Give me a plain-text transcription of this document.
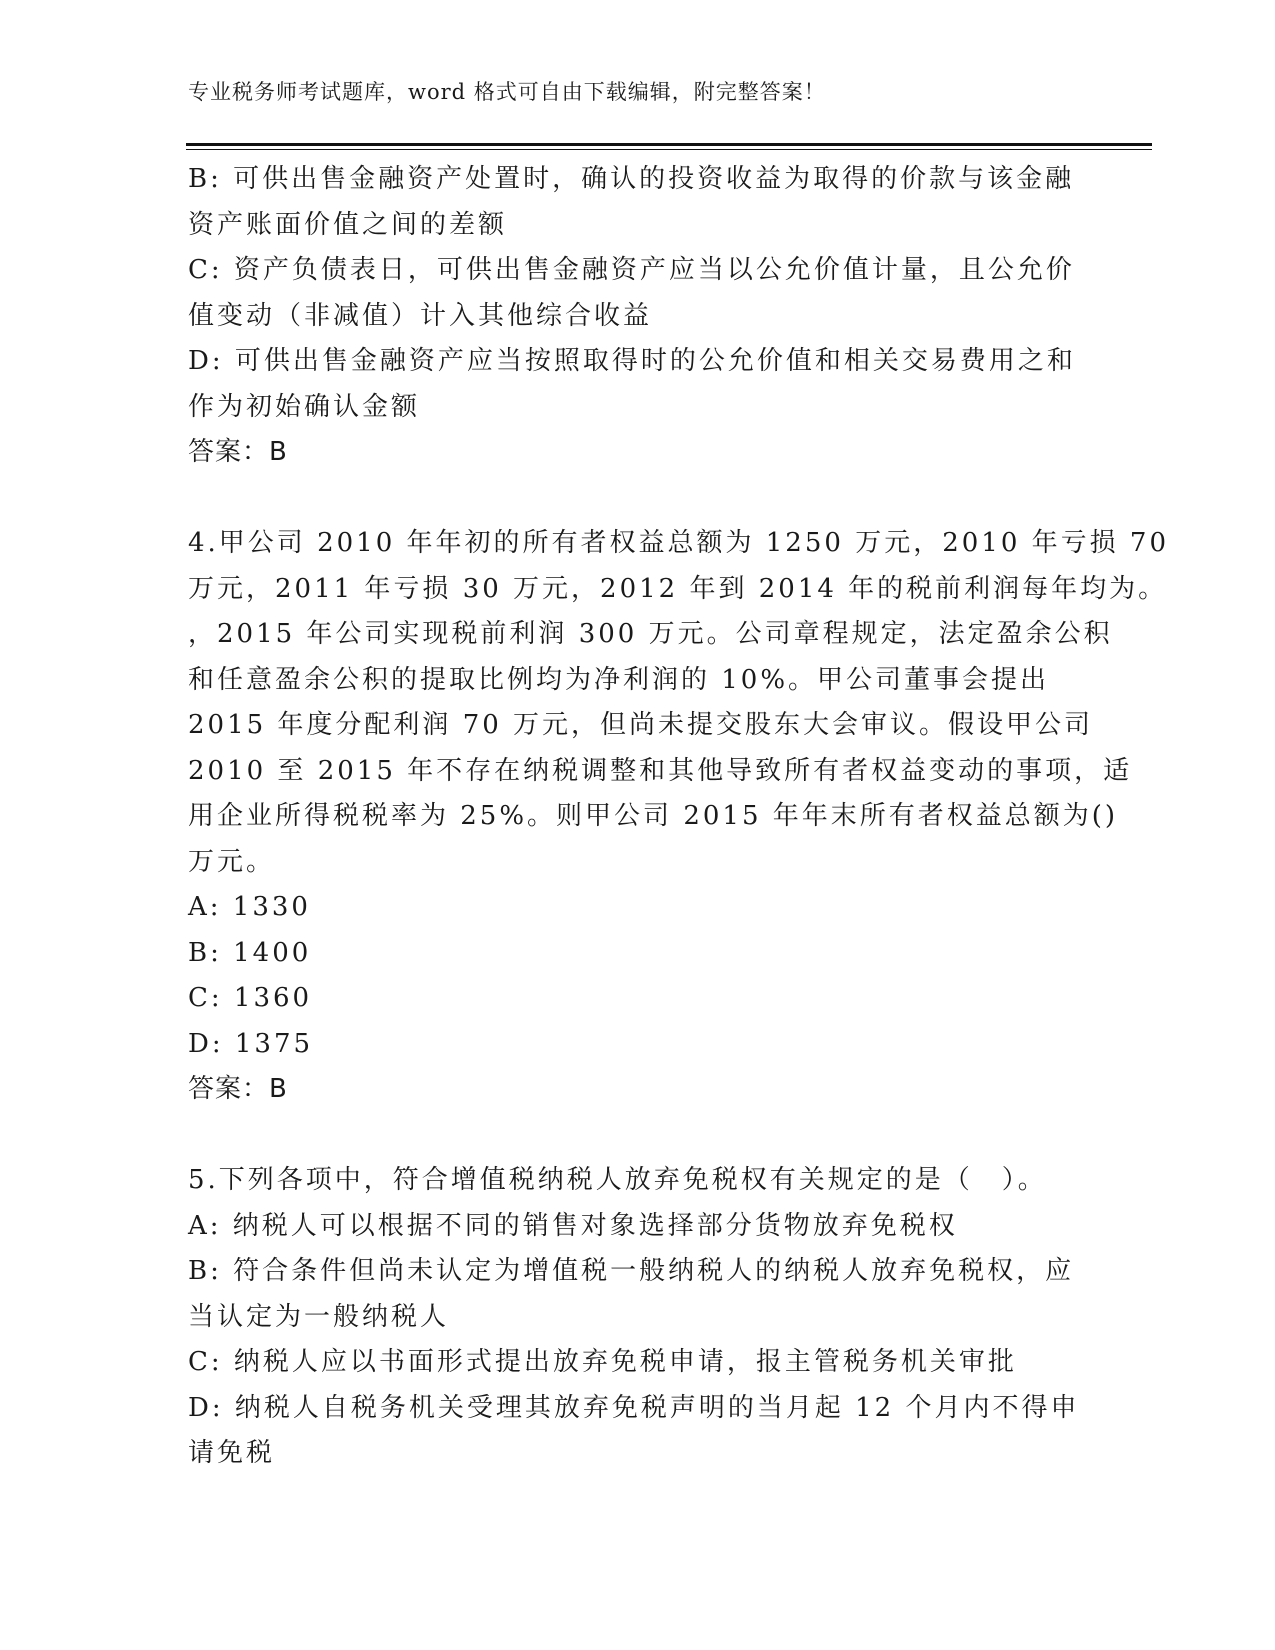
专业税务师考试题库，word 格式可自由下载编辑，附完整答案！
B: 可供出售金融资产处置时，确认的投资收益为取得的价款与该金融
资产账面价值之间的差额
C: 资产负债表日，可供出售金融资产应当以公允价值计量，且公允价
值变动（非减值）计入其他综合收益
D: 可供出售金融资产应当按照取得时的公允价值和相关交易费用之和
作为初始确认金额
答案：B
4.甲公司 2010 年年初的所有者权益总额为 1250 万元，2010 年亏损 70
万元，2011 年亏损 30 万元，2012 年到 2014 年的税前利润每年均为。
，2015 年公司实现税前利润 300 万元。公司章程规定，法定盈余公积
和任意盈余公积的提取比例均为净利润的 10%。甲公司董事会提出
2015 年度分配利润 70 万元，但尚未提交股东大会审议。假设甲公司
2010 至 2015 年不存在纳税调整和其他导致所有者权益变动的事项，适
用企业所得税税率为 25%。则甲公司 2015 年年末所有者权益总额为()
万元。
A: 1330
B: 1400
C: 1360
D: 1375
答案：B
5.下列各项中，符合增值税纳税人放弃免税权有关规定的是（　）。
A: 纳税人可以根据不同的销售对象选择部分货物放弃免税权
B: 符合条件但尚未认定为增值税一般纳税人的纳税人放弃免税权，应
当认定为一般纳税人
C: 纳税人应以书面形式提出放弃免税申请，报主管税务机关审批
D: 纳税人自税务机关受理其放弃免税声明的当月起 12 个月内不得申
请免税
